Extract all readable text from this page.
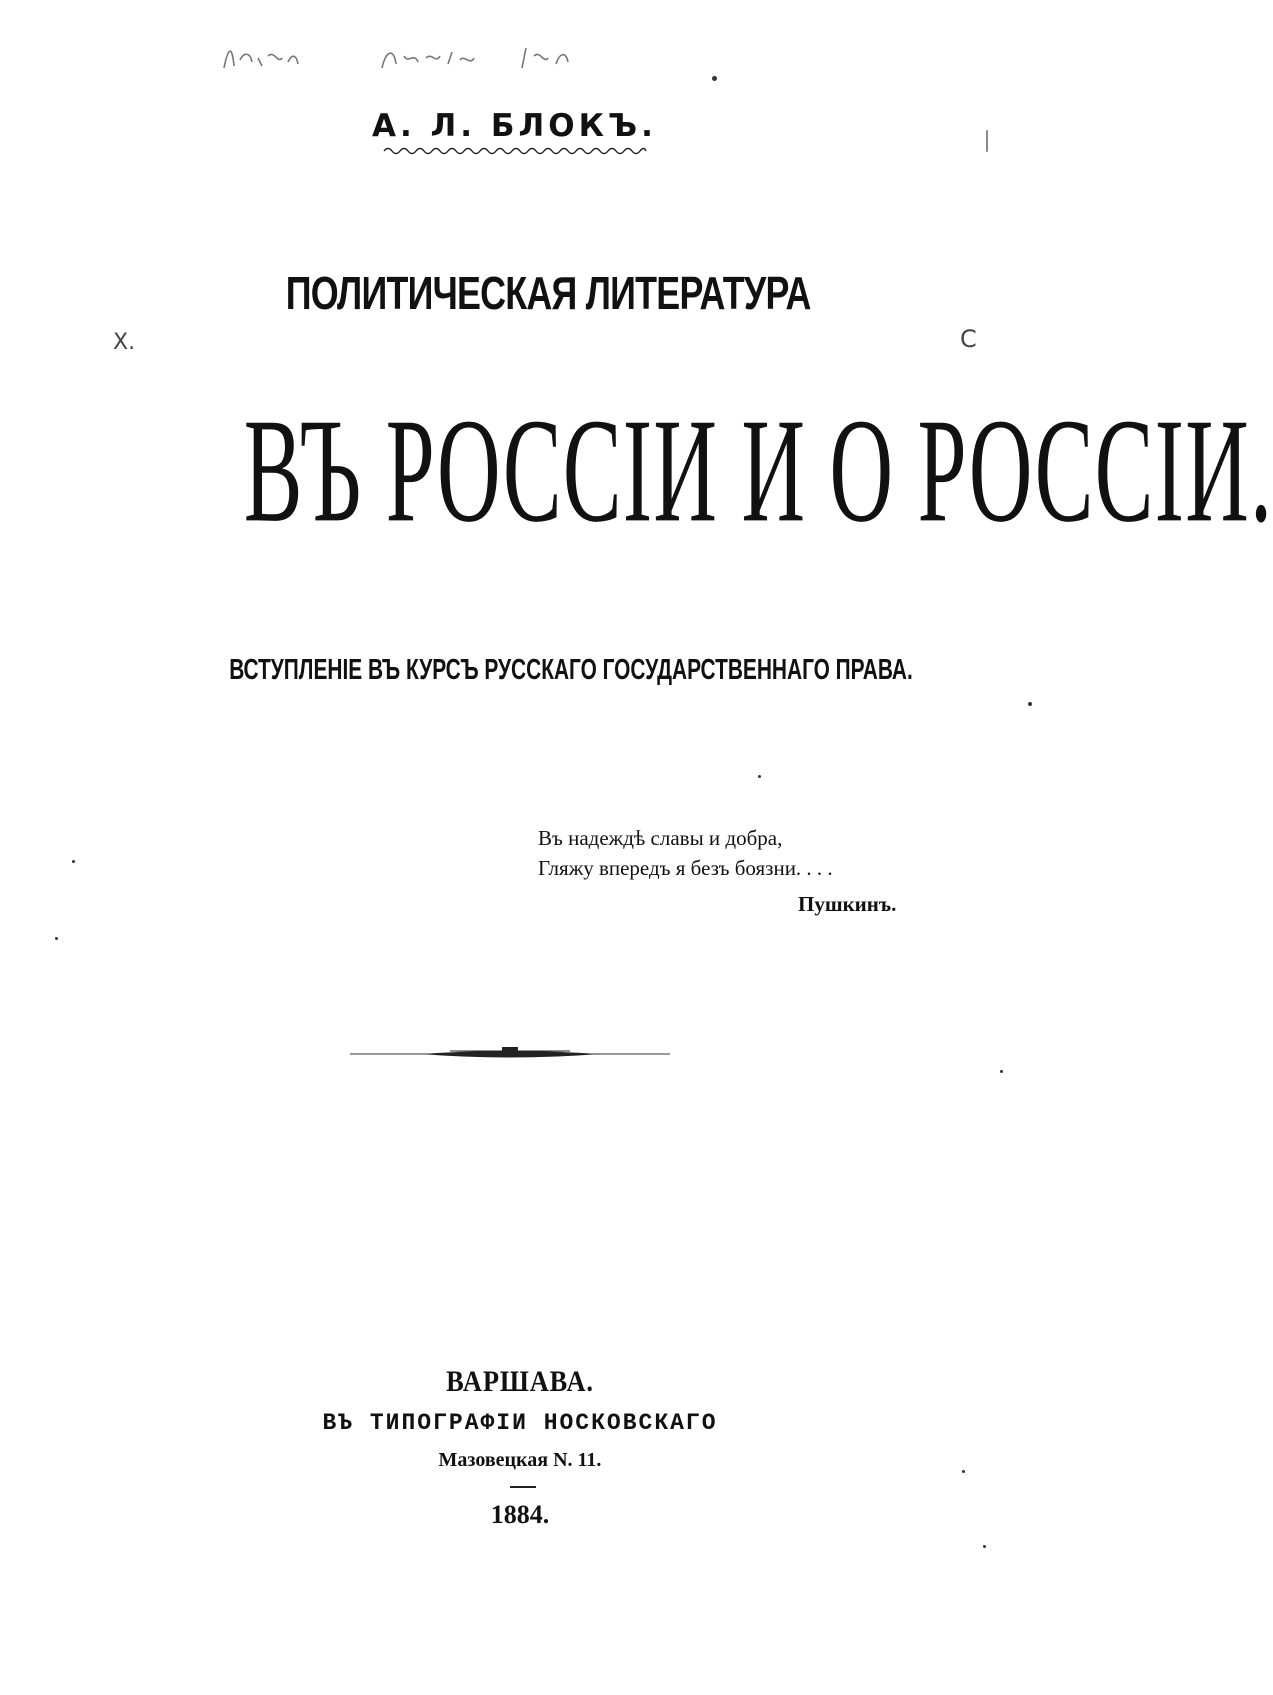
А. Л. БЛОКЪ.
ПОЛИТИЧЕСКАЯ ЛИТЕРАТУРА
ВЪ РОССІИ И О РОССІИ.
ВСТУПЛЕНІЕ ВЪ КУРСЪ РУССКАГО ГОСУДАРСТВЕННАГО ПРАВА.
Въ надеждѣ славы и добра,
Гляжу впередъ я безъ боязни. . . .
Пушкинъ.
ВАРШАВА.
ВЪ ТИПОГРАФІИ НОСКОВСКАГО
Мазовецкая N. 11.
1884.
X.	C
